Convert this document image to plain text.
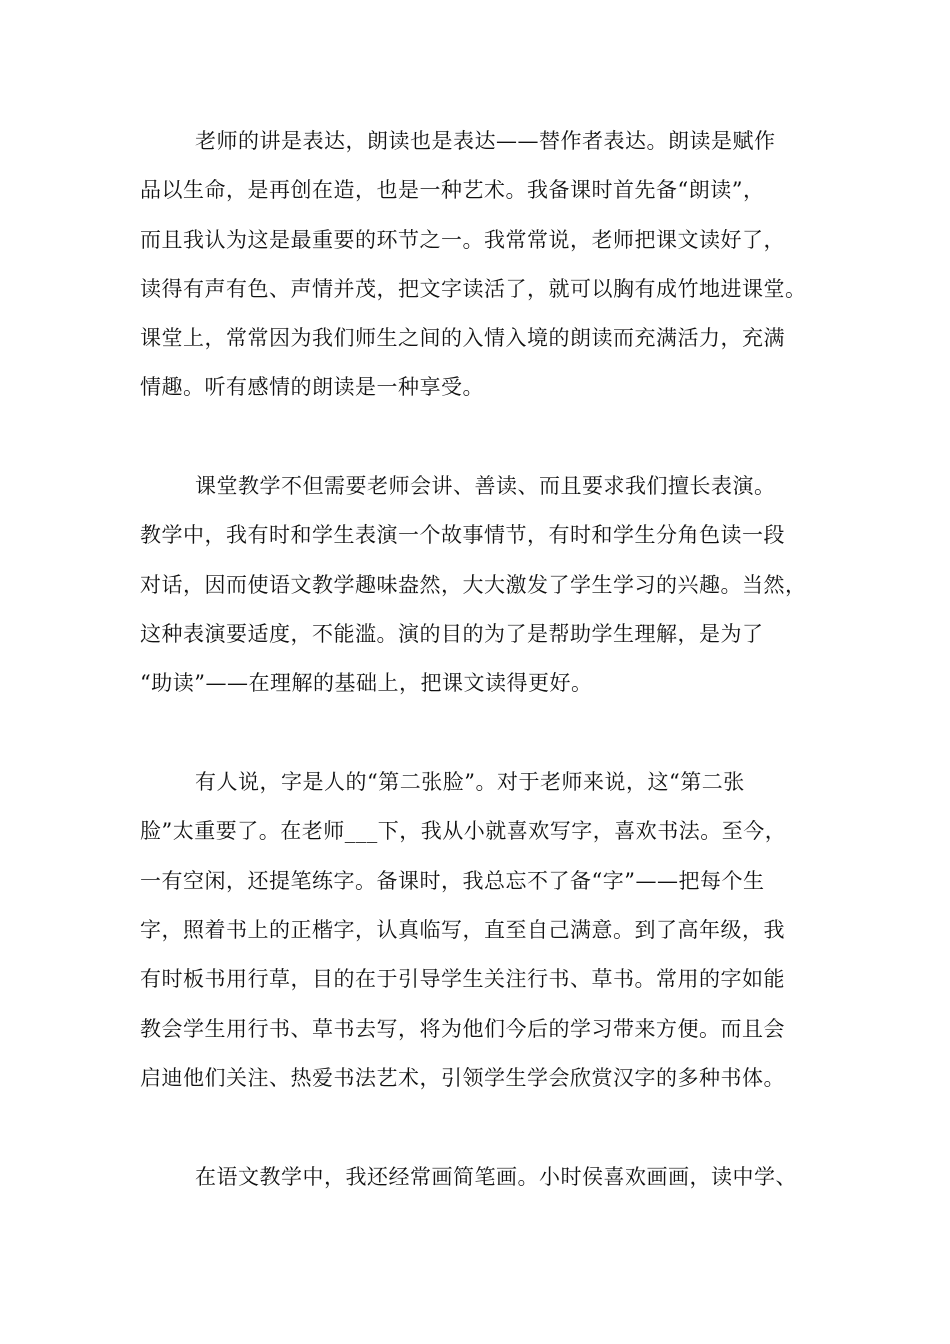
老师的讲是表达，朗读也是表达——替作者表达。朗读是赋作
品以生命，是再创在造，也是一种艺术。我备课时首先备“朗读”，
而且我认为这是最重要的环节之一。我常常说，老师把课文读好了，
读得有声有色、声情并茂，把文字读活了，就可以胸有成竹地进课堂。
课堂上，常常因为我们师生之间的入情入境的朗读而充满活力，充满
情趣。听有感情的朗读是一种享受。
课堂教学不但需要老师会讲、善读、而且要求我们擅长表演。
教学中，我有时和学生表演一个故事情节，有时和学生分角色读一段
对话，因而使语文教学趣味盎然，大大激发了学生学习的兴趣。当然，
这种表演要适度，不能滥。演的目的为了是帮助学生理解，是为了
“助读”——在理解的基础上，把课文读得更好。
有人说，字是人的“第二张脸”。对于老师来说，这“第二张
脸”太重要了。在老师___下，我从小就喜欢写字，喜欢书法。至今，
一有空闲，还提笔练字。备课时，我总忘不了备“字”——把每个生
字，照着书上的正楷字，认真临写，直至自己满意。到了高年级，我
有时板书用行草，目的在于引导学生关注行书、草书。常用的字如能
教会学生用行书、草书去写，将为他们今后的学习带来方便。而且会
启迪他们关注、热爱书法艺术，引领学生学会欣赏汉字的多种书体。
在语文教学中，我还经常画简笔画。小时侯喜欢画画，读中学、
